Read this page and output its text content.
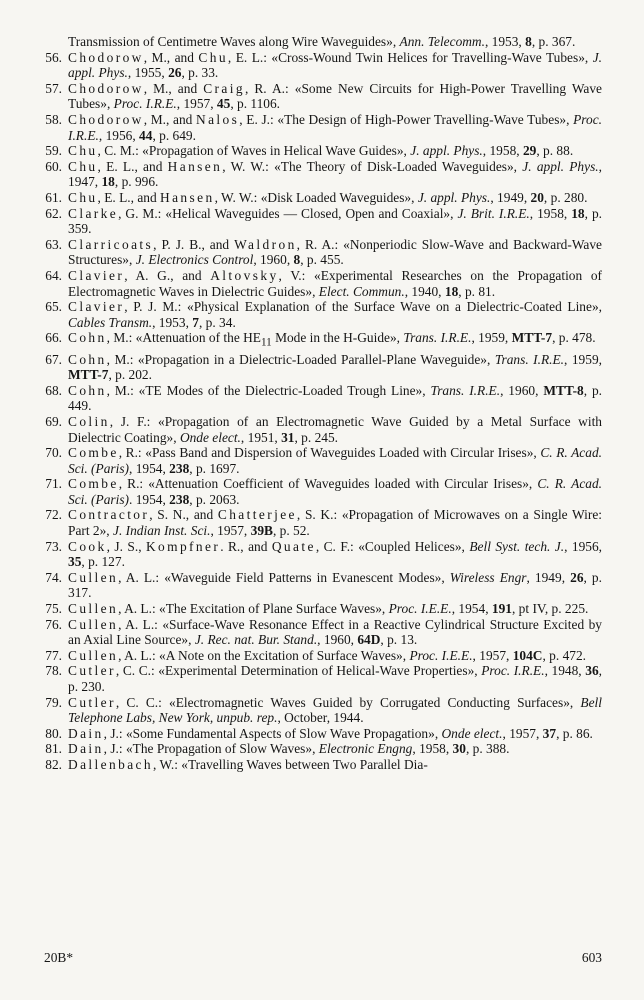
Transmission of Centimetre Waves along Wire Waveguides», Ann. Telecomm., 1953, 8, p. 367.
56. Chodorow, M., and Chu, E. L.: «Cross-Wound Twin Helices for Travelling-Wave Tubes», J. appl. Phys., 1955, 26, p. 33.
57. Chodorow, M., and Craig, R. A.: «Some New Circuits for High-Power Travelling Wave Tubes», Proc. I.R.E., 1957, 45, p. 1106.
58. Chodorow, M., and Nalos, E. J.: «The Design of High-Power Travelling-Wave Tubes», Proc. I.R.E., 1956, 44, p. 649.
59. Chu, C. M.: «Propagation of Waves in Helical Wave Guides», J. appl. Phys., 1958, 29, p. 88.
60. Chu, E. L., and Hansen, W. W.: «The Theory of Disk-Loaded Waveguides», J. appl. Phys., 1947, 18, p. 996.
61. Chu, E. L., and Hansen, W. W.: «Disk Loaded Waveguides», J. appl. Phys., 1949, 20, p. 280.
62. Clarke, G. M.: «Helical Waveguides — Closed, Open and Coaxial», J. Brit. I.R.E., 1958, 18, p. 359.
63. Clarricoats, P. J. B., and Waldron, R. A.: «Nonperiodic Slow-Wave and Backward-Wave Structures», J. Electronics Control, 1960, 8, p. 455.
64. Clavier, A. G., and Altovsky, V.: «Experimental Researches on the Propagation of Electromagnetic Waves in Dielectric Guides», Elect. Commun., 1940, 18, p. 81.
65. Clavier, P. J. M.: «Physical Explanation of the Surface Wave on a Dielectric-Coated Line», Cables Transm., 1953, 7, p. 34.
66. Cohn, M.: «Attenuation of the $HE_{11}$ Mode in the H-Guide», Trans. I.R.E., 1959, MTT-7, p. 478.
67. Cohn, M.: «Propagation in a Dielectric-Loaded Parallel-Plane Waveguide», Trans. I.R.E., 1959, MTT-7, p. 202.
68. Cohn, M.: «TE Modes of the Dielectric-Loaded Trough Line», Trans. I.R.E., 1960, MTT-8, p. 449.
69. Colin, J. F.: «Propagation of an Electromagnetic Wave Guided by a Metal Surface with Dielectric Coating», Onde elect., 1951, 31, p. 245.
70. Combe, R.: «Pass Band and Dispersion of Waveguides Loaded with Circular Irises», C. R. Acad. Sci. (Paris), 1954, 238, p. 1697.
71. Combe, R.: «Attenuation Coefficient of Waveguides loaded with Circular Irises», C. R. Acad. Sci. (Paris). 1954, 238, p. 2063.
72. Contractor, S. N., and Chatterjee, S. K.: «Propagation of Microwaves on a Single Wire: Part 2», J. Indian Inst. Sci., 1957, 39B, p. 52.
73. Cook, J. S., Kompfner. R., and Quate, C. F.: «Coupled Helices», Bell Syst. tech. J., 1956, 35, p. 127.
74. Cullen, A. L.: «Waveguide Field Patterns in Evanescent Modes», Wireless Engr, 1949, 26, p. 317.
75. Cullen, A. L.: «The Excitation of Plane Surface Waves», Proc. I.E.E., 1954, 191, pt IV, p. 225.
76. Cullen, A. L.: «Surface-Wave Resonance Effect in a Reactive Cylindrical Structure Excited by an Axial Line Source», J. Rec. nat. Bur. Stand., 1960, 64D, p. 13.
77. Cullen, A. L.: «A Note on the Excitation of Surface Waves», Proc. I.E.E., 1957, 104C, p. 472.
78. Cutler, C. C.: «Experimental Determination of Helical-Wave Properties», Proc. I.R.E., 1948, 36, p. 230.
79. Cutler, C. C.: «Electromagnetic Waves Guided by Corrugated Conducting Surfaces», Bell Telephone Labs, New York, unpub. rep., October, 1944.
80. Dain, J.: «Some Fundamental Aspects of Slow Wave Propagation», Onde elect., 1957, 37, p. 86.
81. Dain, J.: «The Propagation of Slow Waves», Electronic Engng, 1958, 30, p. 388.
82. Dallenbach, W.: «Travelling Waves between Two Parallel Dia-
20B*	603
